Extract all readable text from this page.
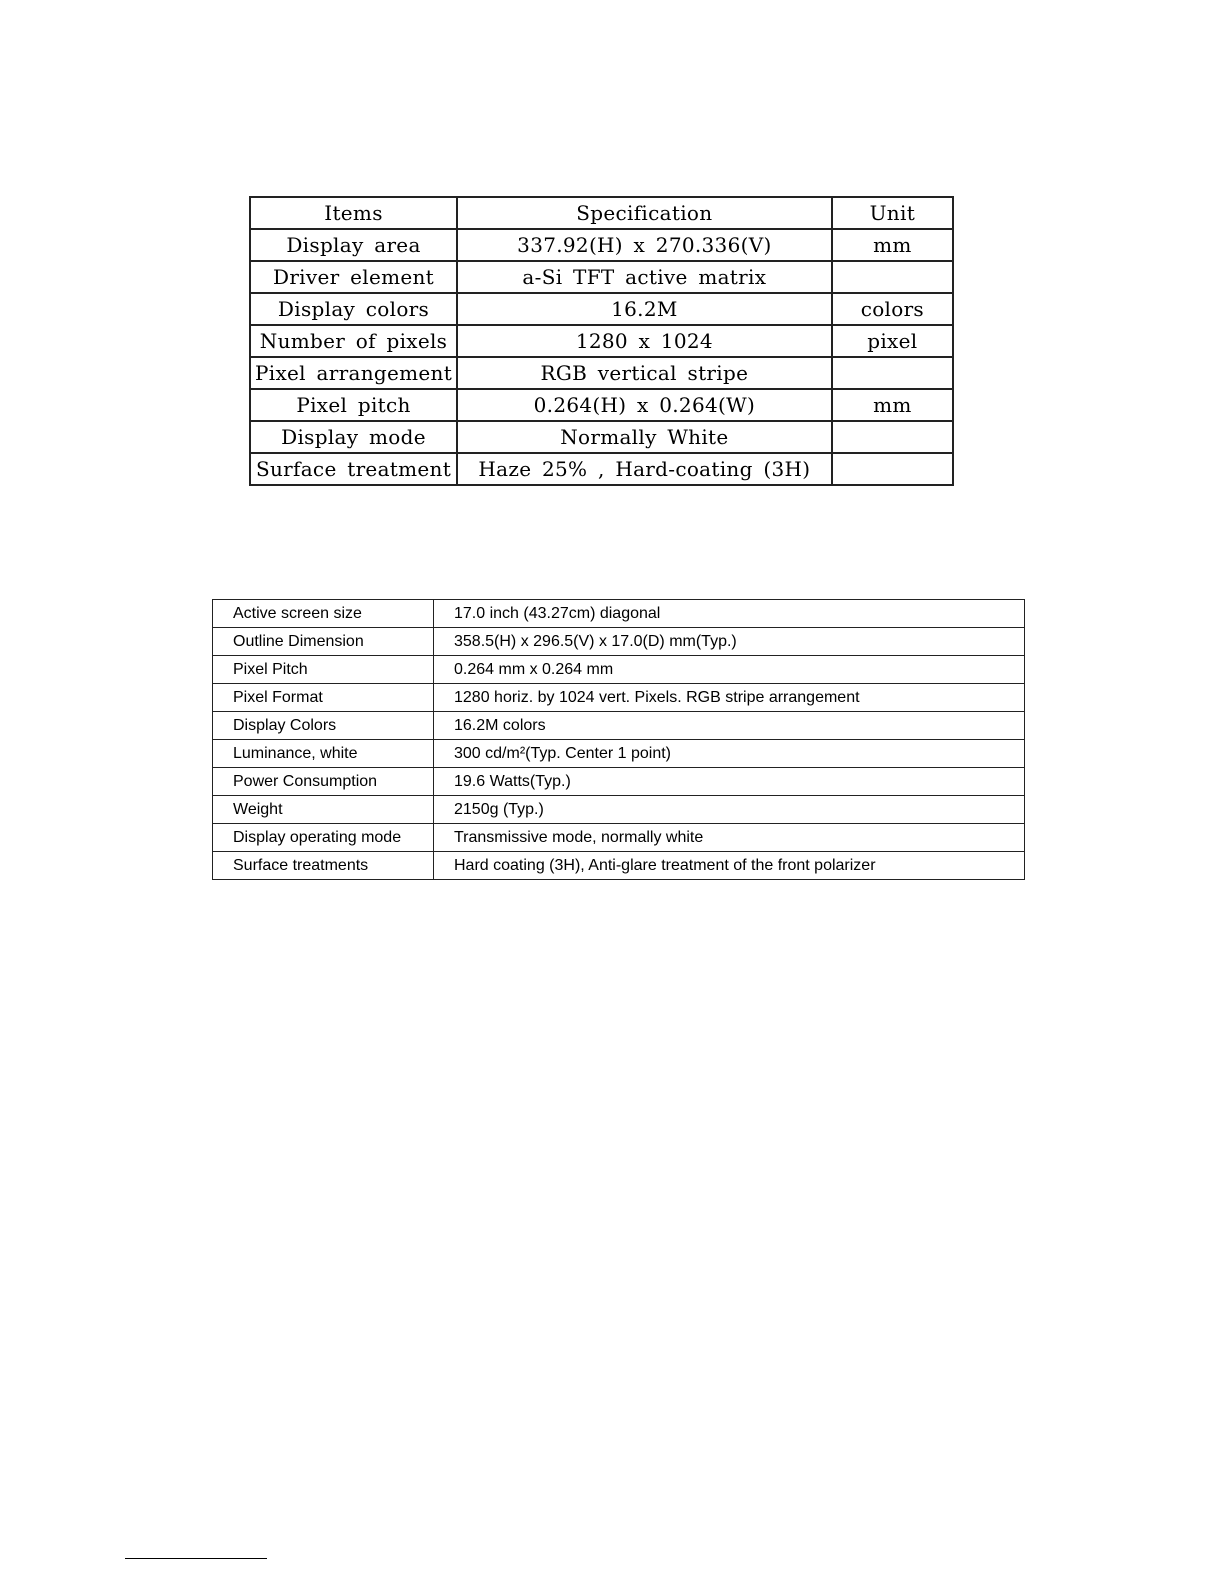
Items	Specification	Unit
Display area	337.92(H) x 270.336(V)	mm
Driver element	a-Si TFT active matrix	
Display colors	16.2M	colors
Number of pixels	1280 x 1024	pixel
Pixel arrangement	RGB vertical stripe	
Pixel pitch	0.264(H) x 0.264(W)	mm
Display mode	Normally White	
Surface treatment	Haze 25% , Hard-coating (3H)	
Active screen size	17.0 inch (43.27cm) diagonal
Outline Dimension	358.5(H) x 296.5(V) x 17.0(D) mm(Typ.)
Pixel Pitch	0.264 mm x 0.264 mm
Pixel Format	1280 horiz. by 1024 vert. Pixels. RGB stripe arrangement
Display Colors	16.2M colors
Luminance, white	300 cd/m²(Typ. Center 1 point)
Power Consumption	19.6 Watts(Typ.)
Weight	2150g (Typ.)
Display operating mode	Transmissive mode, normally white
Surface treatments	Hard coating (3H), Anti-glare treatment of the front polarizer
